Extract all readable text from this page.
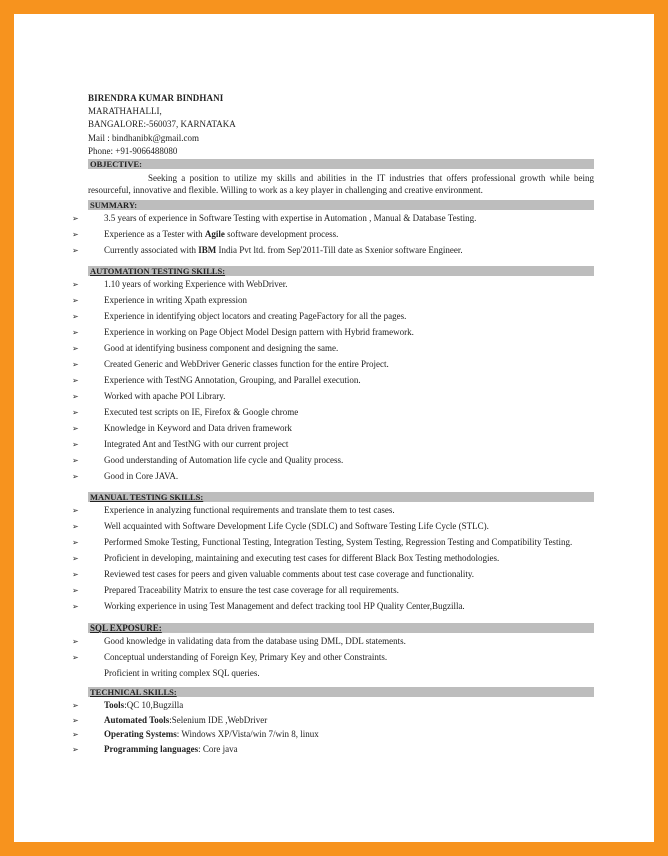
BIRENDRA KUMAR BINDHANI
MARATHAHALLI,
BANGALORE:-560037, KARNATAKA
Mail : bindhanibk@gmail.com
Phone: +91-9066488080
OBJECTIVE:
Seeking a position to utilize my skills and abilities in the IT industries that offers professional growth while being resourceful, innovative and flexible. Willing to work as a key player in challenging and creative environment.
SUMMARY:
➢	3.5 years of experience in Software Testing with expertise in Automation , Manual & Database Testing.
➢	Experience as a Tester with Agile software development process.
➢	Currently associated with IBM India Pvt ltd. from Sep'2011-Till date as Sxenior software Engineer.
AUTOMATION TESTING SKILLS:
➢	1.10 years of working Experience with WebDriver.
➢	Experience in writing Xpath expression
➢	Experience in identifying object locators and creating PageFactory for all the pages.
➢	Experience in working on Page Object Model Design pattern with Hybrid framework.
➢	Good at identifying business component and designing the same.
➢	Created Generic and WebDriver Generic classes function for the entire Project.
➢	Experience with TestNG Annotation, Grouping, and Parallel execution.
➢	Worked with apache POI Library.
➢	Executed test scripts on IE, Firefox & Google chrome
➢	Knowledge in Keyword and Data driven framework
➢	Integrated Ant and TestNG with our current project
➢	Good understanding of Automation life cycle and Quality process.
➢	Good in Core JAVA.
MANUAL TESTING SKILLS:
➢	Experience in analyzing functional requirements and translate them to test cases.
➢	Well acquainted with Software Development Life Cycle (SDLC) and Software Testing Life Cycle (STLC).
➢	Performed Smoke Testing, Functional Testing, Integration Testing, System Testing, Regression Testing and Compatibility Testing.
➢	Proficient in developing, maintaining and executing test cases for different Black Box Testing methodologies.
➢	Reviewed test cases for peers and given valuable comments about test case coverage and functionality.
➢	Prepared Traceability Matrix to ensure the test case coverage for all requirements.
➢	Working experience in using Test Management and defect tracking tool HP Quality Center,Bugzilla.
SQL EXPOSURE:
➢	Good knowledge in validating data from the database using DML, DDL statements.
➢	Conceptual understanding of Foreign Key, Primary Key and other Constraints.
Proficient in writing complex SQL queries.
TECHNICAL SKILLS:
➢	Tools:QC 10,Bugzilla
➢	Automated Tools:Selenium IDE ,WebDriver
➢	Operating Systems: Windows XP/Vista/win 7/win 8, linux
➢	Programming languages: Core java
